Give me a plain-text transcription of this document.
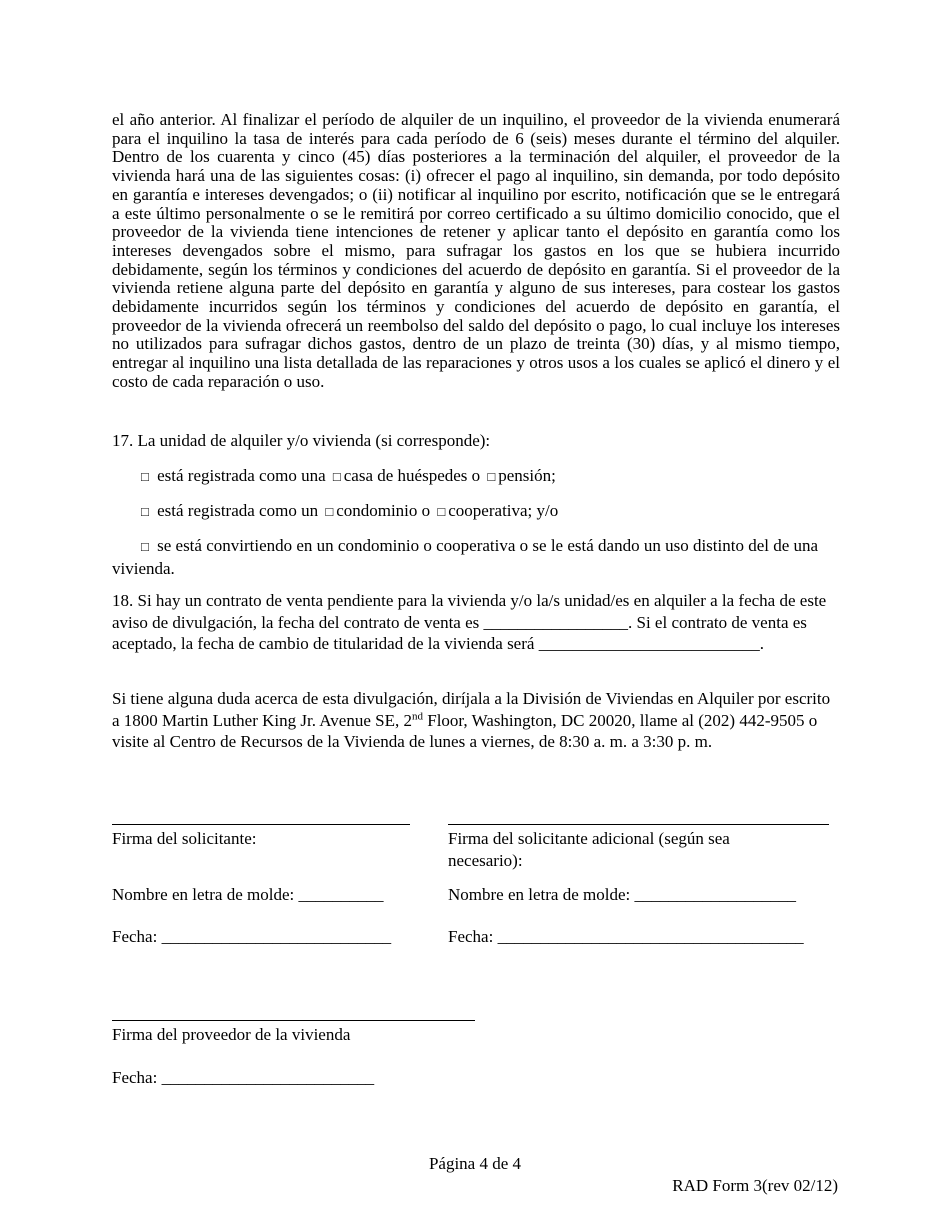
el año anterior. Al finalizar el período de alquiler de un inquilino, el proveedor de la vivienda enumerará para el inquilino la tasa de interés para cada período de 6 (seis) meses durante el término del alquiler. Dentro de los cuarenta y cinco (45) días posteriores a la terminación del alquiler, el proveedor de la vivienda hará una de las siguientes cosas: (i) ofrecer el pago al inquilino, sin demanda, por todo depósito en garantía e intereses devengados; o (ii) notificar al inquilino por escrito, notificación que se le entregará a este último personalmente o se le remitirá por correo certificado a su último domicilio conocido, que el proveedor de la vivienda tiene intenciones de retener y aplicar tanto el depósito en garantía como los intereses devengados sobre el mismo, para sufragar los gastos en los que se hubiera incurrido debidamente, según los términos y condiciones del acuerdo de depósito en garantía. Si el proveedor de la vivienda retiene alguna parte del depósito en garantía y alguno de sus intereses, para costear los gastos debidamente incurridos según los términos y condiciones del acuerdo de depósito en garantía, el proveedor de la vivienda ofrecerá un reembolso del saldo del depósito o pago, lo cual incluye los intereses no utilizados para sufragar dichos gastos, dentro de un plazo de treinta (30) días, y al mismo tiempo, entregar al inquilino una lista detallada de las reparaciones y otros usos a los cuales se aplicó el dinero y el costo de cada reparación o uso.

17. La unidad de alquiler y/o vivienda (si corresponde):

□ está registrada como una □ casa de huéspedes o □ pensión;

□ está registrada como un □ condominio o □ cooperativa; y/o

□ se está convirtiendo en un condominio o cooperativa o se le está dando un uso distinto del de una vivienda.

18. Si hay un contrato de venta pendiente para la vivienda y/o la/s unidad/es en alquiler a la fecha de este aviso de divulgación, la fecha del contrato de venta es _________________. Si el contrato de venta es aceptado, la fecha de cambio de titularidad de la vivienda será __________________________.

Si tiene alguna duda acerca de esta divulgación, diríjala a la División de Viviendas en Alquiler por escrito a 1800 Martin Luther King Jr. Avenue SE, 2nd Floor, Washington, DC 20020, llame al (202) 442-9505 o visite al Centro de Recursos de la Vivienda de lunes a viernes, de 8:30 a. m. a 3:30 p. m.

Firma del solicitante:	Firma del solicitante adicional (según sea necesario):

Nombre en letra de molde: __________	Nombre en letra de molde: ___________________

Fecha: ___________________________	Fecha: ____________________________________

Firma del proveedor de la vivienda

Fecha: _________________________

Página 4 de 4

RAD Form 3(rev 02/12)
